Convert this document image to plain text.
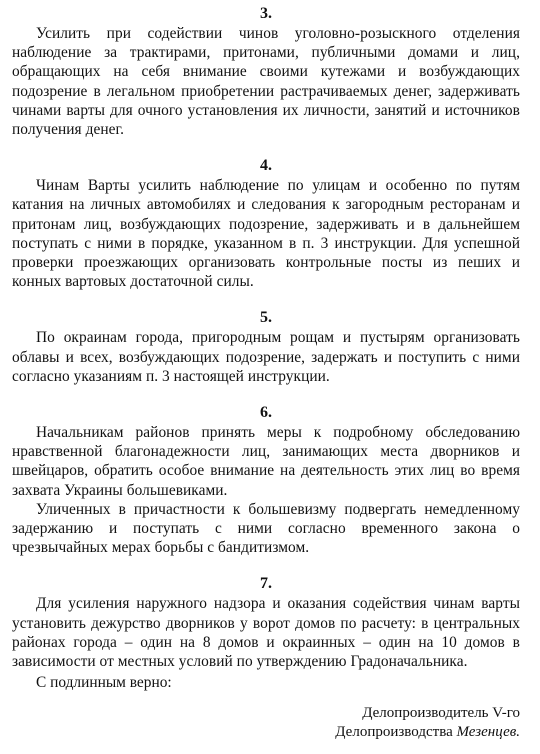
3.

Усилить при содействии чинов уголовно-розыскного отделения наблюдение за трактирами, притонами, публичными домами и лиц, обращающих на себя внимание своими кутежами и возбуждающих подозрение в легальном приобретении растрачиваемых денег, задерживать чинами варты для очного установления их личности, занятий и источников получения денег.

4.

Чинам Варты усилить наблюдение по улицам и особенно по путям катания на личных автомобилях и следования к загородным ресторанам и притонам лиц, возбуждающих подозрение, задерживать и в дальнейшем поступать с ними в порядке, указанном в п. 3 инструкции. Для успешной проверки проезжающих организовать контрольные посты из пеших и конных вартовых достаточной силы.

5.

По окраинам города, пригородным рощам и пустырям организовать облавы и всех, возбуждающих подозрение, задержать и поступить с ними согласно указаниям п. 3 настоящей инструкции.

6.

Начальникам районов принять меры к подробному обследованию нравственной благонадежности лиц, занимающих места дворников и швейцаров, обратить особое внимание на деятельность этих лиц во время захвата Украины большевиками.

Уличенных в причастности к большевизму подвергать немедленному задержанию и поступать с ними согласно временного закона о чрезвычайных мерах борьбы с бандитизмом.

7.

Для усиления наружного надзора и оказания содействия чинам варты установить дежурство дворников у ворот домов по расчету: в центральных районах города – один на 8 домов и окраинных – один на 10 домов в зависимости от местных условий по утверждению Градоначальника.

С подлинным верно:

Делопроизводитель V-го
Делопроизводства Мезенцев.
